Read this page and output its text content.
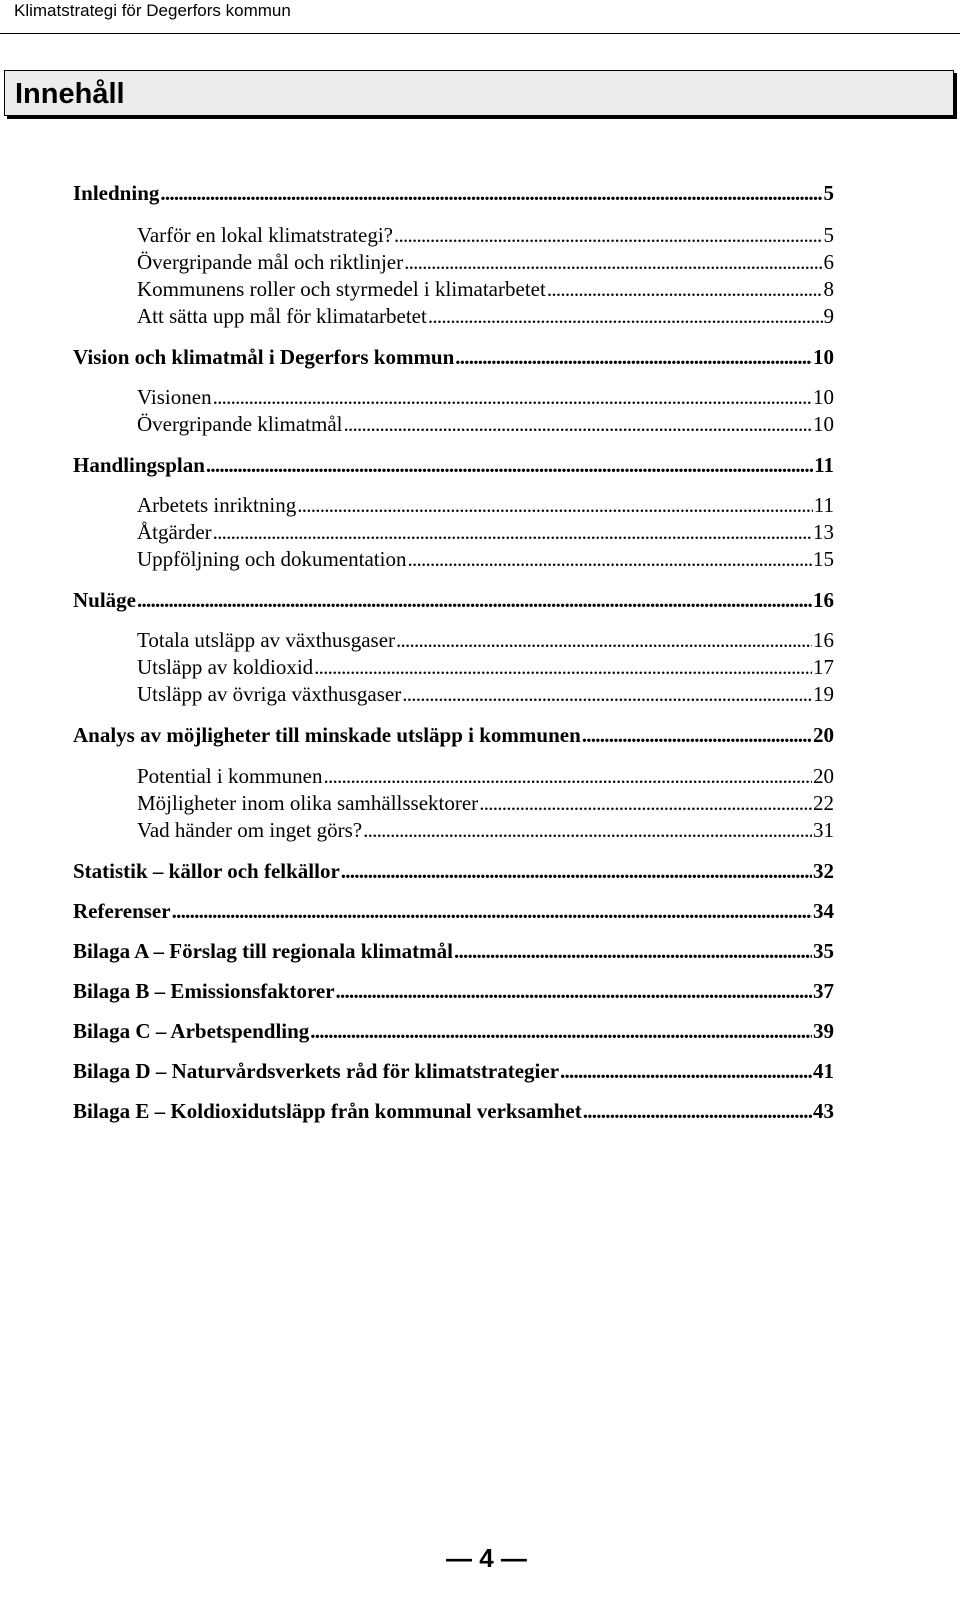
Klimatstrategi för Degerfors kommun
Innehåll
Inledning . . .	5
Varför en lokal klimatstrategi? . . .	5
Övergripande mål och riktlinjer . . .	6
Kommunens roller och styrmedel i klimatarbetet . . .	8
Att sätta upp mål för klimatarbetet . . .	9
Vision och klimatmål i Degerfors kommun . . .	10
Visionen . . .	10
Övergripande klimatmål . . .	10
Handlingsplan . . .	11
Arbetets inriktning . . .	11
Åtgärder . . .	13
Uppföljning och dokumentation . . .	15
Nuläge . . .	16
Totala utsläpp av växthusgaser . . .	16
Utsläpp av koldioxid . . .	17
Utsläpp av övriga växthusgaser . . .	19
Analys av möjligheter till minskade utsläpp i kommunen . . .	20
Potential i kommunen . . .	20
Möjligheter inom olika samhällssektorer . . .	22
Vad händer om inget görs? . . .	31
Statistik – källor och felkällor . . .	32
Referenser . . .	34
Bilaga A – Förslag till regionala klimatmål . . .	35
Bilaga B – Emissionsfaktorer . . .	37
Bilaga C – Arbetspendling . . .	39
Bilaga D – Naturvårdsverkets råd för klimatstrategier . . .	41
Bilaga E – Koldioxidutsläpp från kommunal verksamhet . . .	43
— 4 —
